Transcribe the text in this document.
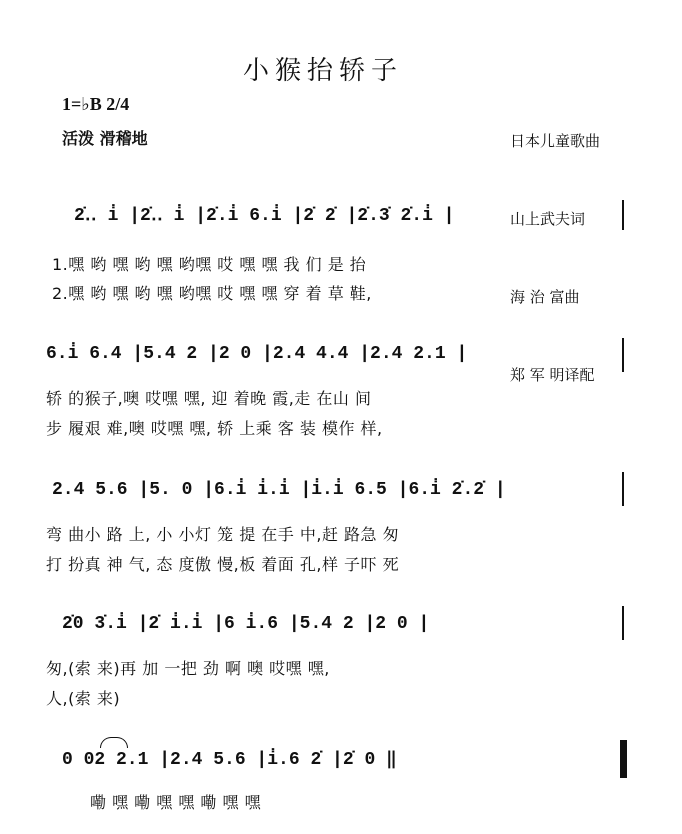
小猴抬轿子

日本儿童歌曲

山上武夫词

海 治 富曲

郑 军 明译配

1=♭B 2/4
活泼 滑稽地
2̇‥ i̇ |2̇‥ i̇ |2̇.i̇ 6.i̇ |2̇ 2̇ |2̇.3̇ 2̇.i̇ |
1.嘿 哟 嘿 哟 嘿 哟嘿 哎 嘿 嘿 我 们 是 抬
2.嘿 哟 嘿 哟 嘿 哟嘿 哎 嘿 嘿 穿 着 草 鞋,
6.i̇ 6.4 |5.4 2 |2 0 |2.4 4.4 |2.4 2.1 |
轿 的猴子,噢 哎嘿 嘿, 迎 着晚 霞,走 在山 间
步 履艰 难,噢 哎嘿 嘿, 轿 上乘 客 装 模作 样,
2.4 5.6 |5. 0 |6.i̇ i̇.i̇ |i̇.i̇ 6.5 |6.i̇ 2̇.2̇ |
弯 曲小 路 上, 小 小灯 笼 提 在手 中,赶 路急 匆
打 扮真 神 气, 态 度傲 慢,板 着面 孔,样 子吓 死
2̇0 3̇.i̇ |2̇ i̇.i̇ |6 i̇.6 |5.4 2 |2 0 |
匆,(索 来)再 加 一把 劲 啊 噢 哎嘿 嘿,
人,(索 来)
0 02 2.1 |2.4 5.6 |i̇.6 2̇ |2̇ 0 ‖
嘞 嘿 嘞 嘿 嘿 嘞 嘿 嘿
